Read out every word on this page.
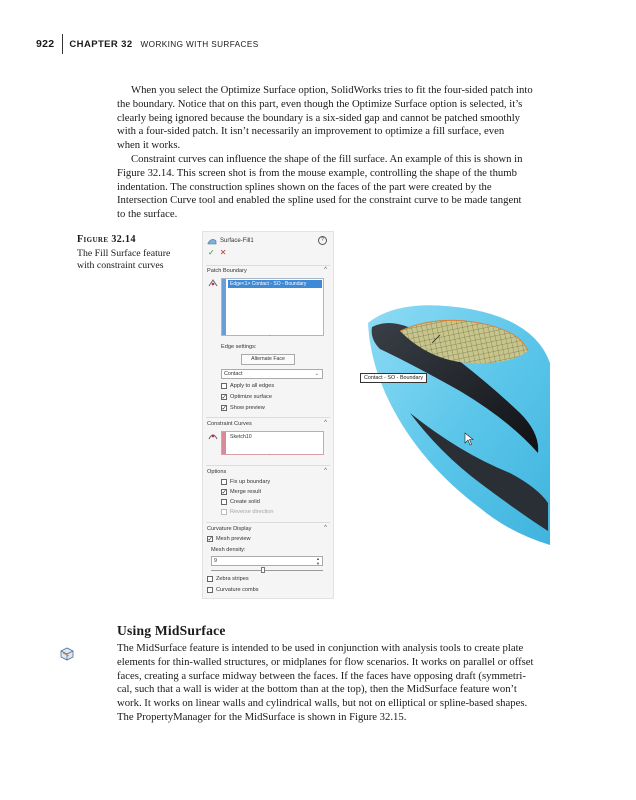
922 CHAPTER 32 WORKING WITH SURFACES
When you select the Optimize Surface option, SolidWorks tries to fit the four-sided patch into
the boundary. Notice that on this part, even though the Optimize Surface option is selected, it’s
clearly being ignored because the boundary is a six-sided gap and cannot be patched smoothly
with a four-sided patch. It isn’t necessarily an improvement to optimize a fill surface, even
when it works.
Constraint curves can influence the shape of the fill surface. An example of this is shown in
Figure 32.14. This screen shot is from the mouse example, controlling the shape of the thumb
indentation. The construction splines shown on the faces of the part were created by the
Intersection Curve tool and enabled the spline used for the constraint curve to be made tangent
to the surface.
Figure 32.14
The Fill Surface feature with constraint curves
Surface-Fill1	?
✓ ✕
Patch Boundary	^
Edge<1> Contact - SO - Boundary
◦
Edge settings:
Alternate Face
Contact	⌄
Apply to all edges
✓
Optimize surface
✓
Show preview
Constraint Curves	^
Sketch10
◦
Options	^
Fix up boundary
✓
Merge result
Create solid
Reverse direction
Curvature Display	^
✓
Mesh preview
Mesh density:
9	▲
▼
Zebra stripes
Curvature combs
Contact - SO - Boundary
Using MidSurface
The MidSurface feature is intended to be used in conjunction with analysis tools to create plate
elements for thin-walled structures, or midplanes for flow scenarios. It works on parallel or offset
faces, creating a surface midway between the faces. If the faces have opposing draft (symmetri-
cal, such that a wall is wider at the bottom than at the top), then the MidSurface feature won’t
work. It works on linear walls and cylindrical walls, but not on elliptical or spline-based shapes.
The PropertyManager for the MidSurface is shown in Figure 32.15.
